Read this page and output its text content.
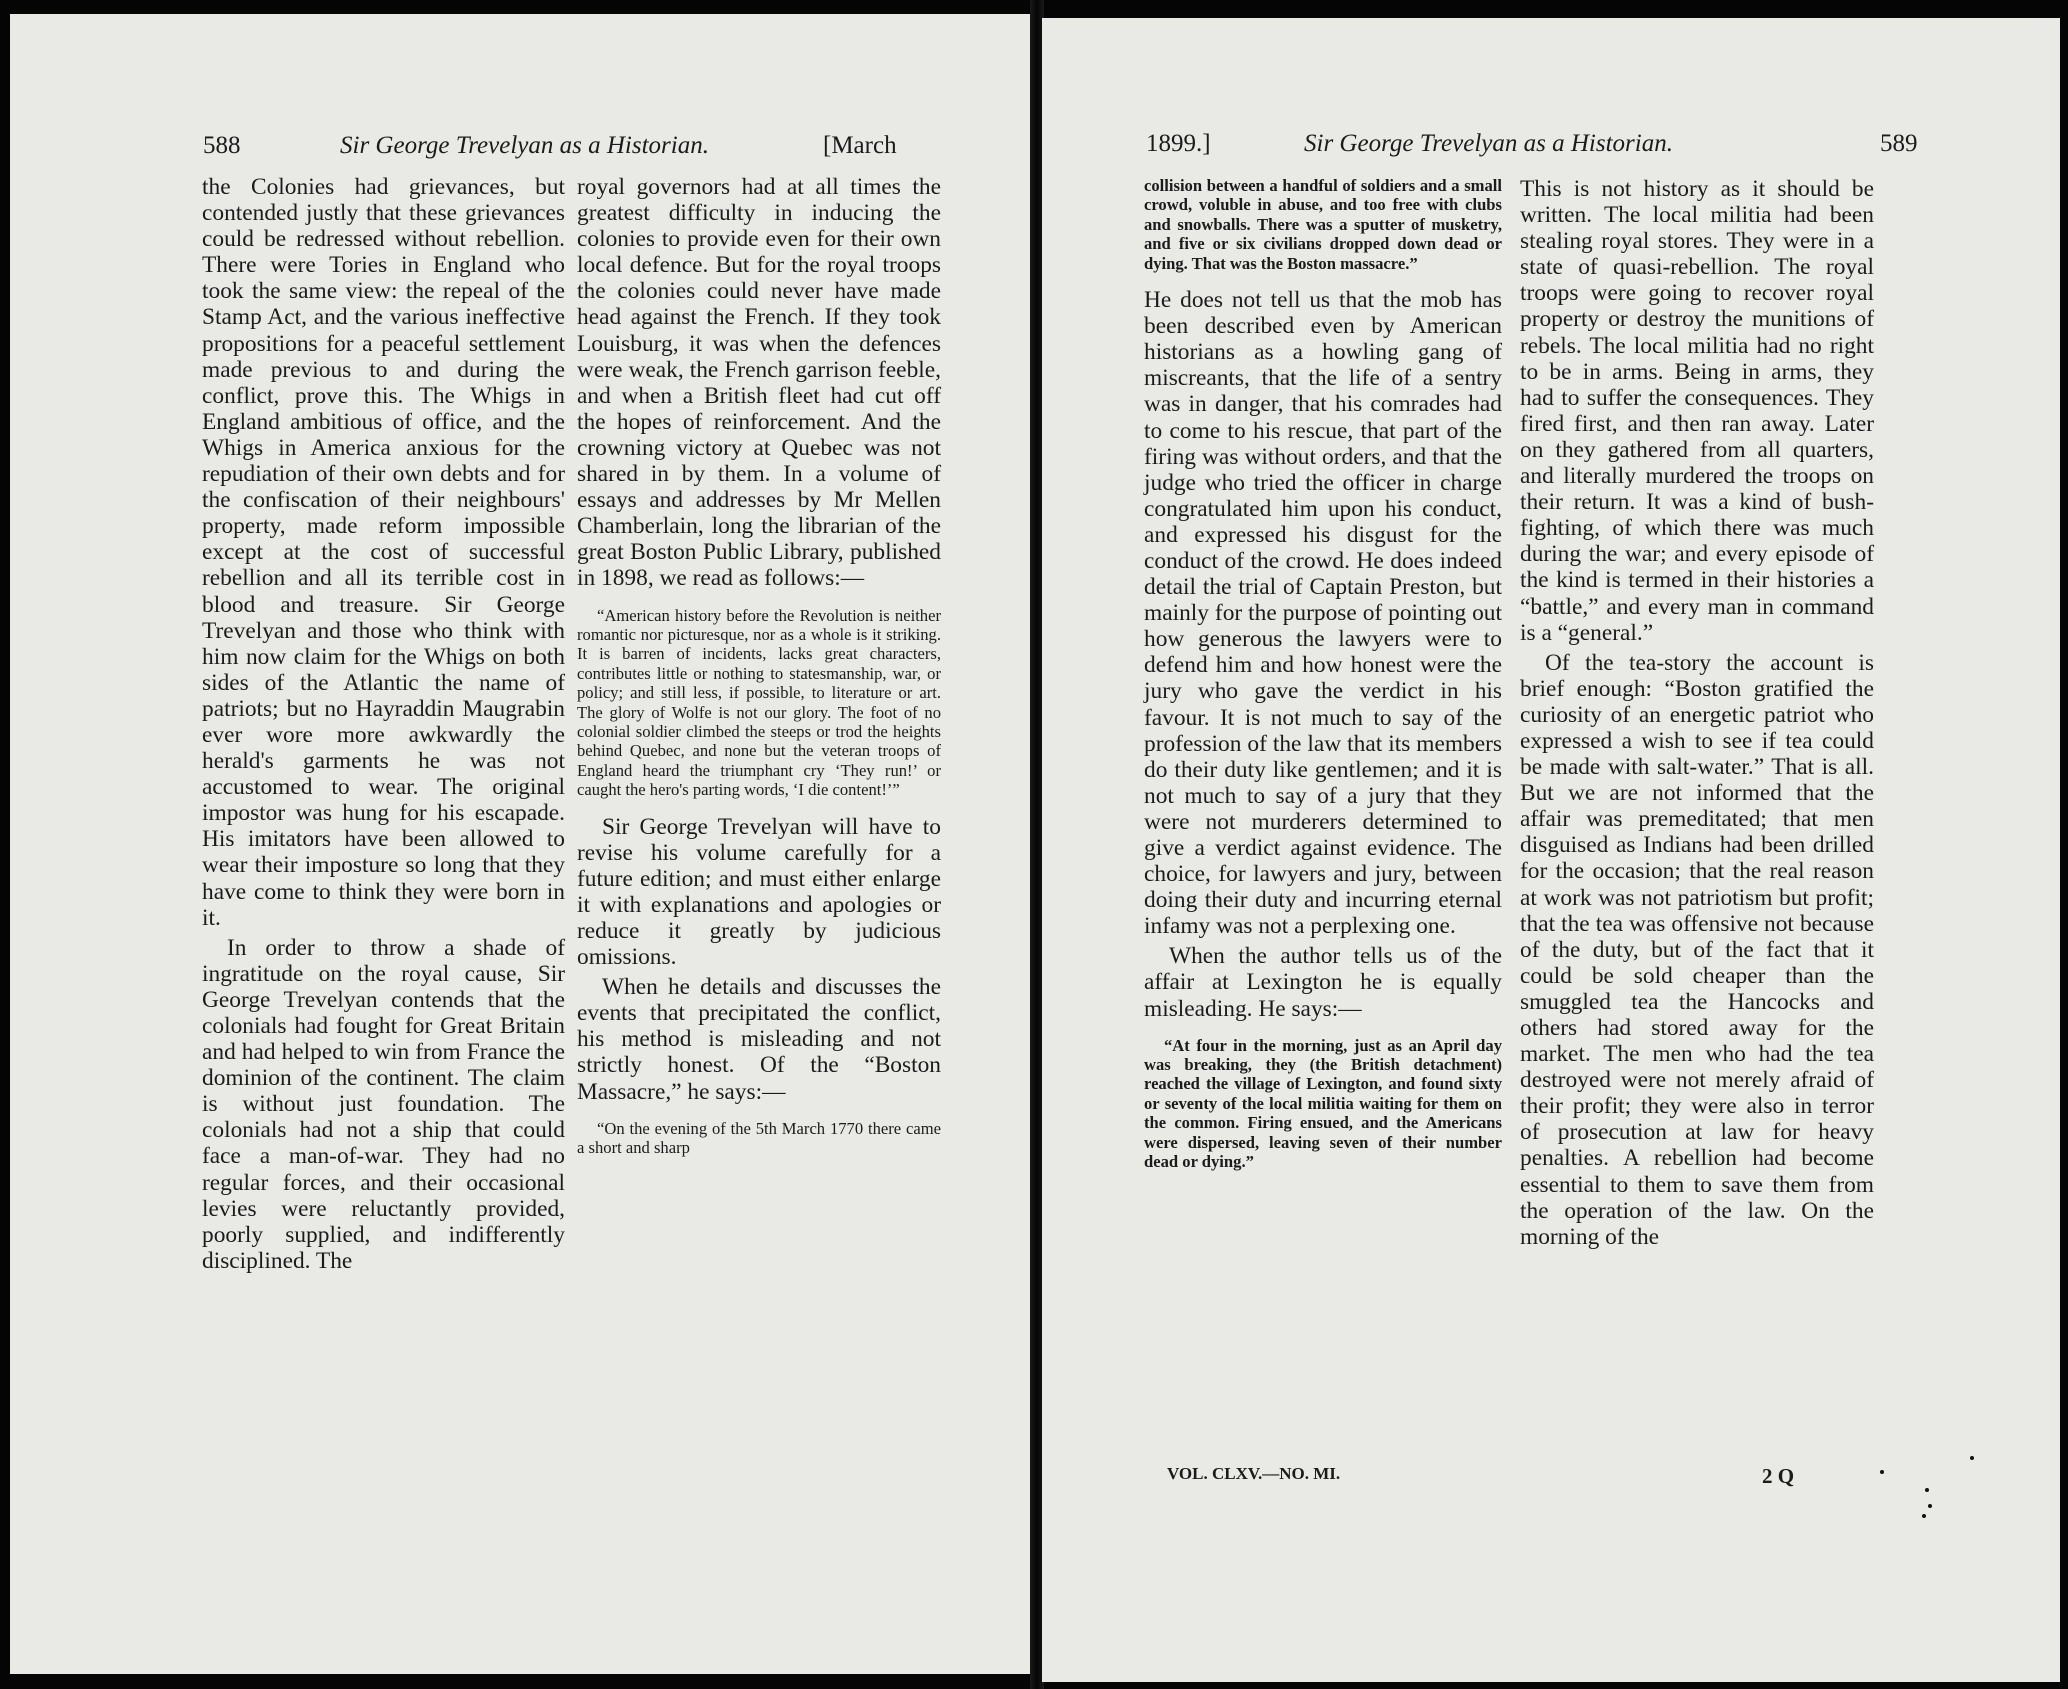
588	Sir George Trevelyan as a Historian.	[March

the Colonies had grievances, but contended justly that these grievances could be redressed without rebellion. There were Tories in England who took the same view: the repeal of the Stamp Act, and the various ineffective propositions for a peaceful settlement made previous to and during the conflict, prove this. The Whigs in England ambitious of office, and the Whigs in America anxious for the repudiation of their own debts and for the confiscation of their neighbours' property, made reform impossible except at the cost of successful rebellion and all its terrible cost in blood and treasure. Sir George Trevelyan and those who think with him now claim for the Whigs on both sides of the Atlantic the name of patriots; but no Hayraddin Maugrabin ever wore more awkwardly the herald's garments he was not accustomed to wear. The original impostor was hung for his escapade. His imitators have been allowed to wear their imposture so long that they have come to think they were born in it.

In order to throw a shade of ingratitude on the royal cause, Sir George Trevelyan contends that the colonials had fought for Great Britain and had helped to win from France the dominion of the continent. The claim is without just foundation. The colonials had not a ship that could face a man-of-war. They had no regular forces, and their occasional levies were reluctantly provided, poorly supplied, and indifferently disciplined. The

royal governors had at all times the greatest difficulty in inducing the colonies to provide even for their own local defence. But for the royal troops the colonies could never have made head against the French. If they took Louisburg, it was when the defences were weak, the French garrison feeble, and when a British fleet had cut off the hopes of reinforcement. And the crowning victory at Quebec was not shared in by them. In a volume of essays and addresses by Mr Mellen Chamberlain, long the librarian of the great Boston Public Library, published in 1898, we read as follows:—

“American history before the Revolution is neither romantic nor picturesque, nor as a whole is it striking. It is barren of incidents, lacks great characters, contributes little or nothing to statesmanship, war, or policy; and still less, if possible, to literature or art. The glory of Wolfe is not our glory. The foot of no colonial soldier climbed the steeps or trod the heights behind Quebec, and none but the veteran troops of England heard the triumphant cry ‘They run!’ or caught the hero's parting words, ‘I die content!’”

Sir George Trevelyan will have to revise his volume carefully for a future edition; and must either enlarge it with explanations and apologies or reduce it greatly by judicious omissions.

When he details and discusses the events that precipitated the conflict, his method is misleading and not strictly honest. Of the “Boston Massacre,” he says:—

“On the evening of the 5th March 1770 there came a short and sharp
1899.]	Sir George Trevelyan as a Historian.	589
collision between a handful of soldiers and a small crowd, voluble in abuse, and too free with clubs and snowballs. There was a sputter of musketry, and five or six civilians dropped down dead or dying. That was the Boston massacre.”

He does not tell us that the mob has been described even by American historians as a howling gang of miscreants, that the life of a sentry was in danger, that his comrades had to come to his rescue, that part of the firing was without orders, and that the judge who tried the officer in charge congratulated him upon his conduct, and expressed his disgust for the conduct of the crowd. He does indeed detail the trial of Captain Preston, but mainly for the purpose of pointing out how generous the lawyers were to defend him and how honest were the jury who gave the verdict in his favour. It is not much to say of the profession of the law that its members do their duty like gentlemen; and it is not much to say of a jury that they were not murderers determined to give a verdict against evidence. The choice, for lawyers and jury, between doing their duty and incurring eternal infamy was not a perplexing one.

When the author tells us of the affair at Lexington he is equally misleading. He says:—

“At four in the morning, just as an April day was breaking, they (the British detachment) reached the village of Lexington, and found sixty or seventy of the local militia waiting for them on the common. Firing ensued, and the Americans were dispersed, leaving seven of their number dead or dying.”

This is not history as it should be written. The local militia had been stealing royal stores. They were in a state of quasi-rebellion. The royal troops were going to recover royal property or destroy the munitions of rebels. The local militia had no right to be in arms. Being in arms, they had to suffer the consequences. They fired first, and then ran away. Later on they gathered from all quarters, and literally murdered the troops on their return. It was a kind of bush-fighting, of which there was much during the war; and every episode of the kind is termed in their histories a “battle,” and every man in command is a “general.”

Of the tea-story the account is brief enough: “Boston gratified the curiosity of an energetic patriot who expressed a wish to see if tea could be made with salt-water.” That is all. But we are not informed that the affair was premeditated; that men disguised as Indians had been drilled for the occasion; that the real reason at work was not patriotism but profit; that the tea was offensive not because of the duty, but of the fact that it could be sold cheaper than the smuggled tea the Hancocks and others had stored away for the market. The men who had the tea destroyed were not merely afraid of their profit; they were also in terror of prosecution at law for heavy penalties. A rebellion had become essential to them to save them from the operation of the law. On the morning of the

VOL. CLXV.—NO. MI.	2 Q
